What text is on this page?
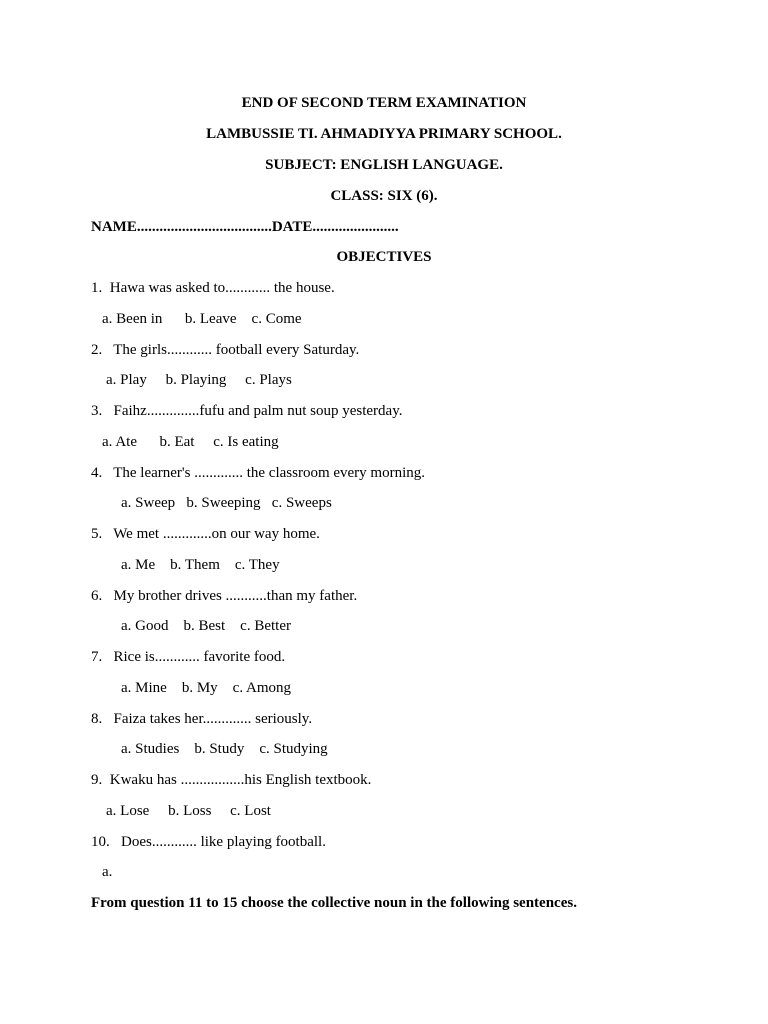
END OF SECOND TERM EXAMINATION
LAMBUSSIE TI. AHMADIYYA PRIMARY SCHOOL.
SUBJECT: ENGLISH LANGUAGE.
CLASS: SIX (6).
NAME....................................DATE.......................
OBJECTIVES
1.  Hawa was asked to............ the house.
a. Been in      b. Leave    c. Come
2.   The girls............ football every Saturday.
a. Play     b. Playing     c. Plays
3.   Faihz..............fufu and palm nut soup yesterday.
a. Ate      b. Eat     c. Is eating
4.   The learner's ............. the classroom every morning.
a. Sweep   b. Sweeping   c. Sweeps
5.   We met .............on our way home.
a. Me    b. Them    c. They
6.   My brother drives ...........than my father.
a. Good    b. Best    c. Better
7.   Rice is............ favorite food.
a. Mine    b. My    c. Among
8.   Faiza takes her............. seriously.
a. Studies    b. Study    c. Studying
9.  Kwaku has .................his English textbook.
a. Lose     b. Loss     c. Lost
10.   Does............ like playing football.
a.
From question 11 to 15 choose the collective noun in the following sentences.
